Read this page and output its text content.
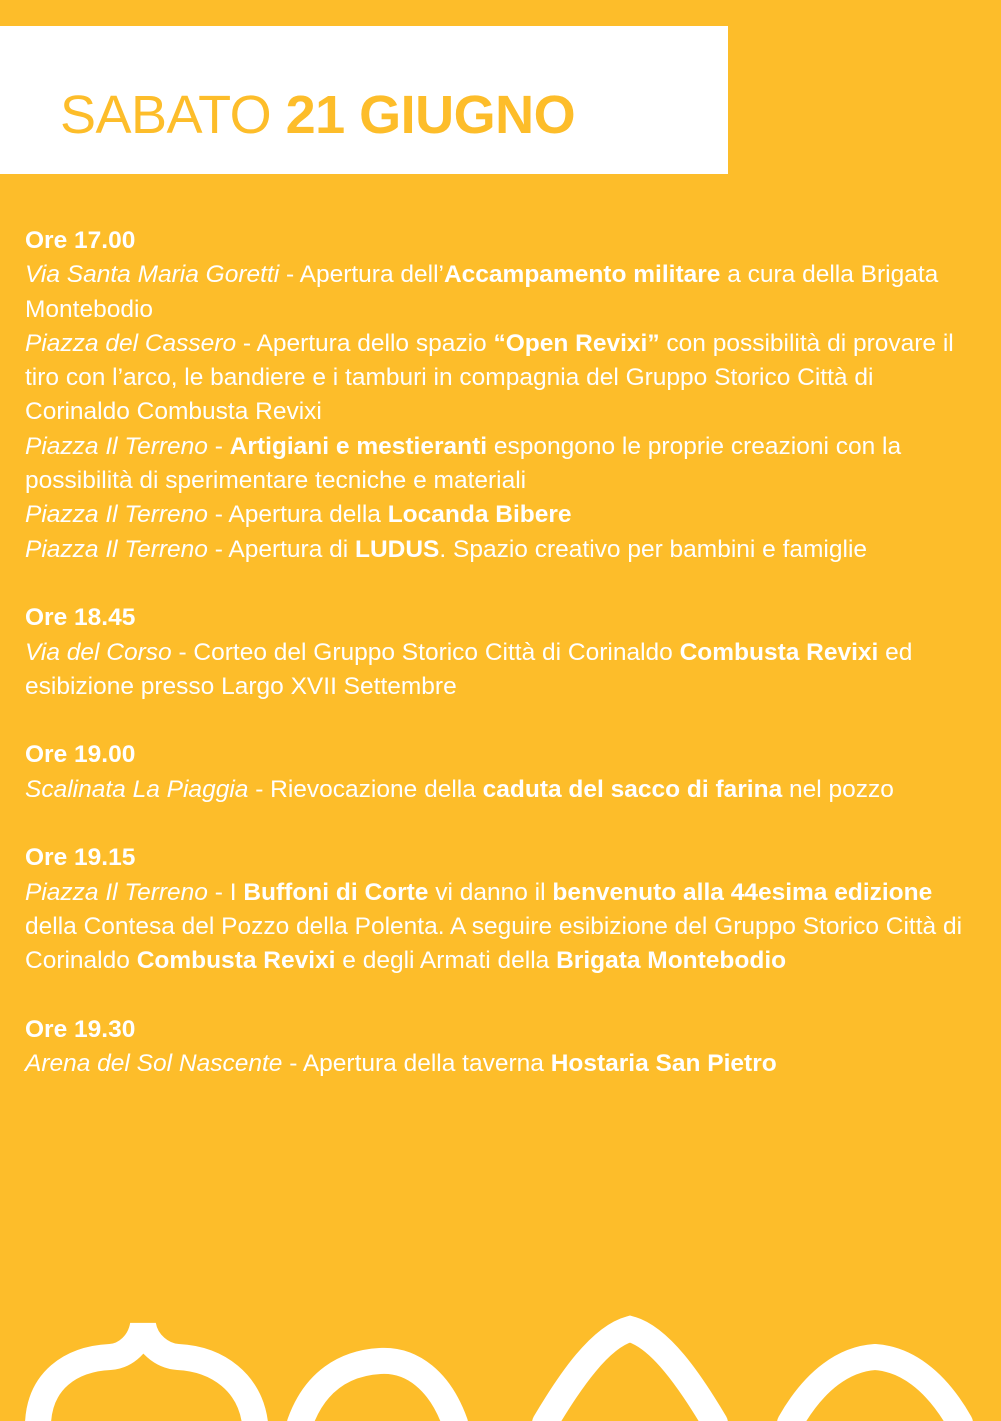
SABATO 21 GIUGNO
Ore 17.00
Via Santa Maria Goretti - Apertura dell’Accampamento militare a cura della Brigata Montebodio
Piazza del Cassero - Apertura dello spazio “Open Revixi” con possibilità di provare il tiro con l’arco, le bandiere e i tamburi in compagnia del Gruppo Storico Città di Corinaldo Combusta Revixi
Piazza Il Terreno - Artigiani e mestieranti espongono le proprie creazioni con la possibilità di sperimentare tecniche e materiali
Piazza Il Terreno - Apertura della Locanda Bibere
Piazza Il Terreno - Apertura di LUDUS. Spazio creativo per bambini e famiglie
Ore 18.45
Via del Corso - Corteo del Gruppo Storico Città di Corinaldo Combusta Revixi ed esibizione presso Largo XVII Settembre
Ore 19.00
Scalinata La Piaggia - Rievocazione della caduta del sacco di farina nel pozzo
Ore 19.15
Piazza Il Terreno - I Buffoni di Corte vi danno il benvenuto alla 44esima edizione della Contesa del Pozzo della Polenta. A seguire esibizione del Gruppo Storico Città di Corinaldo Combusta Revixi e degli Armati della Brigata Montebodio
Ore 19.30
Arena del Sol Nascente - Apertura della taverna Hostaria San Pietro
